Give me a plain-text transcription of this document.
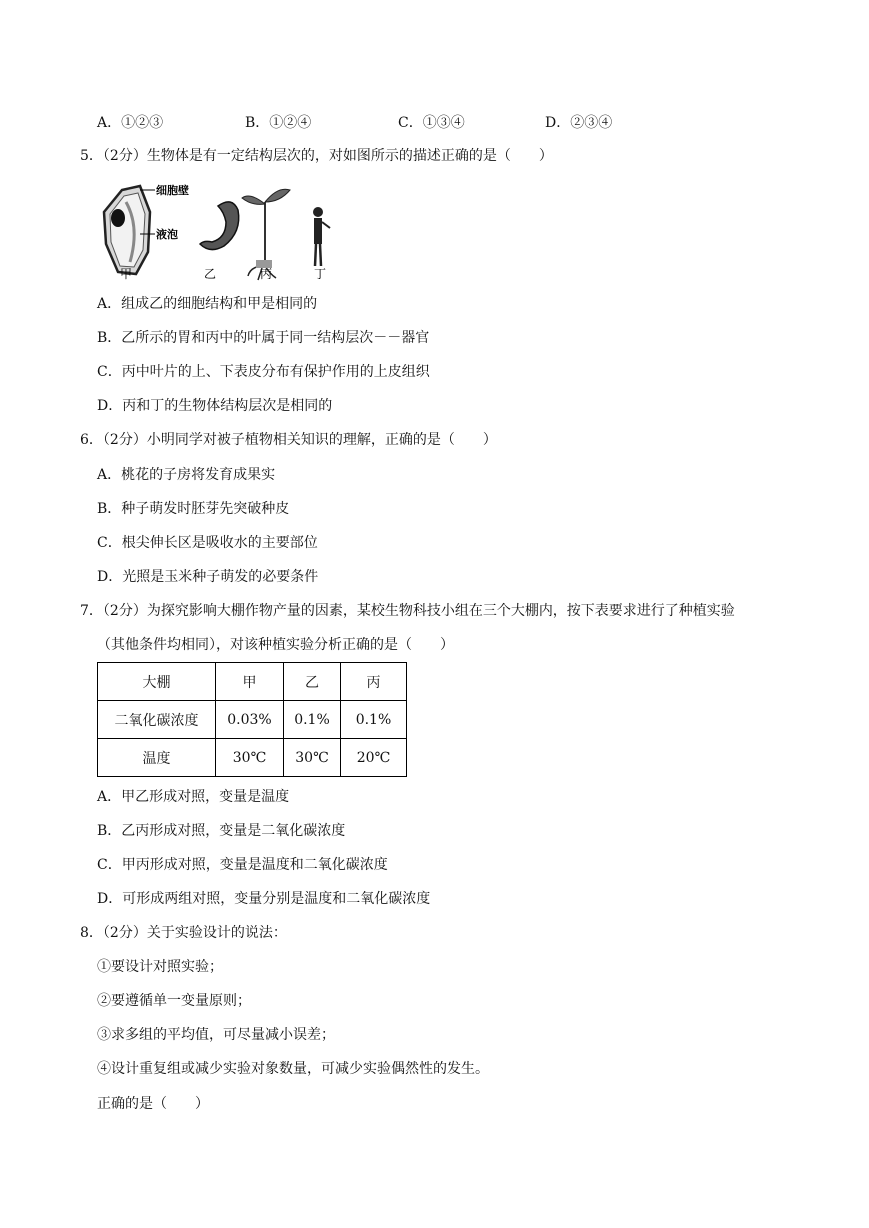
A．①②③	B．①②④	C．①③④	D．②③④
5．（2分）生物体是有一定结构层次的，对如图所示的描述正确的是（　　）
细胞壁
液泡
甲	乙	丙	丁
A．组成乙的细胞结构和甲是相同的
B．乙所示的胃和丙中的叶属于同一结构层次－－器官
C．丙中叶片的上、下表皮分布有保护作用的上皮组织
D．丙和丁的生物体结构层次是相同的
6．（2分）小明同学对被子植物相关知识的理解，正确的是（　　）
A．桃花的子房将发育成果实
B．种子萌发时胚芽先突破种皮
C．根尖伸长区是吸收水的主要部位
D．光照是玉米种子萌发的必要条件
7．（2分）为探究影响大棚作物产量的因素，某校生物科技小组在三个大棚内，按下表要求进行了种植实验
（其他条件均相同），对该种植实验分析正确的是（　　）
大棚	甲	乙	丙
二氧化碳浓度	0.03%	0.1%	0.1%
温度	30℃	30℃	20℃
A．甲乙形成对照，变量是温度
B．乙丙形成对照，变量是二氧化碳浓度
C．甲丙形成对照，变量是温度和二氧化碳浓度
D．可形成两组对照，变量分别是温度和二氧化碳浓度
8．（2分）关于实验设计的说法：
①要设计对照实验；
②要遵循单一变量原则；
③求多组的平均值，可尽量减小误差；
④设计重复组或减少实验对象数量，可减少实验偶然性的发生。
正确的是（　　）
